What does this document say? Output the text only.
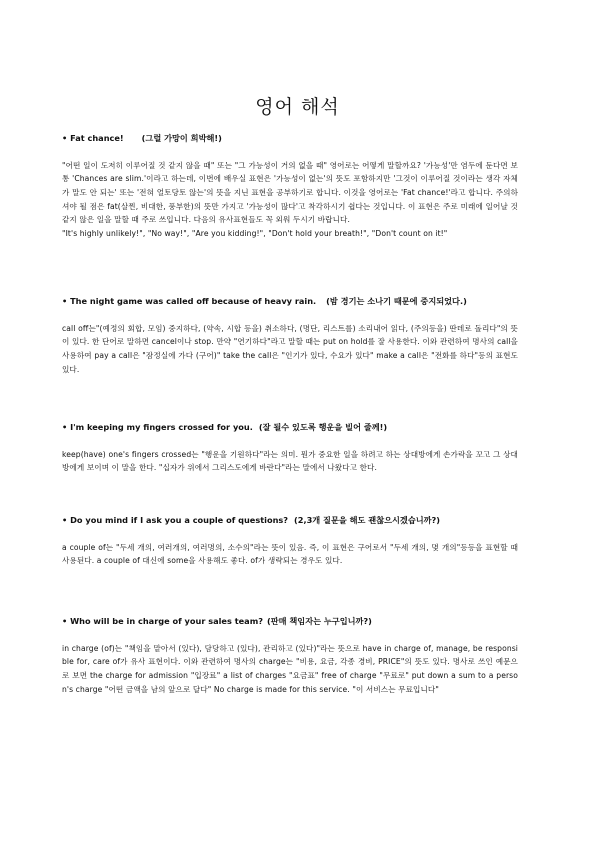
영어 해석
• Fat chance! (그럴 가망이 희박해!)

"어떤 일이 도저히 이루어질 것 같지 않을 때" 또는 "그 가능성이 거의 없을 때" 영어로는 어떻게 말할까요? '가능성'만 염두에 둔다면 보통 'Chances are slim.'이라고 하는데, 이번에 배우실 표현은 '가능성이 없는'의 뜻도 포함하지만 '그것이 이루어질 것이라는 생각 자체가 말도 안 되는' 또는 '전혀 얼토당토 않는'의 뜻을 지닌 표현을 공부하기로 합니다. 이것을 영어로는 'Fat chance!'라고 합니다. 주의하셔야 될 점은 fat(살찐, 비대한, 풍부한)의 뜻만 가지고 '가능성이 많다'고 착각하시기 쉽다는 것입니다. 이 표현은 주로 미래에 일어날 것 같지 않은 일을 말할 때 주로 쓰입니다. 다음의 유사표현들도 꼭 외워 두시기 바랍니다.

"It's highly unlikely!", "No way!", "Are you kidding!", "Don't hold your breath!", "Don't count on it!"

• The night game was called off because of heavy rain. (밤 경기는 소나기 때문에 중지되었다.)

call off는"(예정의 회합, 모임) 중지하다, (약속, 시합 등을) 취소하다, (명단, 리스트를) 소리내어 읽다, (주의등을) 딴데로 돌리다"의 뜻이 있다. 한 단어로 말하면 cancel이나 stop. 만약 "연기하다"라고 말할 때는 put on hold를 잘 사용한다. 이와 관련하여 명사의 call을사용하여 pay a call은 "잠정실에 가다 (구어)" take the call은 "인기가 있다, 수요가 있다" make a call은 "전화를 하다"등의 표현도 있다.

• I'm keeping my fingers crossed for you. (잘 될수 있도록 행운을 빌어 줄께!)

keep(have) one's fingers crossed는 "행운을 기원하다"라는 의미. 뭔가 중요한 일을 하려고 하는 상대방에게 손가락을 꼬고 그 상대방에게 보이며 이 말을 한다. "십자가 위에서 그리스도에게 바란다"라는 말에서 나왔다고 한다.

• Do you mind if I ask you a couple of questions? (2,3개 질문을 해도 괜찮으시겠습니까?)

a couple of는 "두세 개의, 여러개의, 여러명의, 소수의"라는 뜻이 있음. 즉, 이 표현은 구어로서 "두세 개의, 몇 개의"등등을 표현할 때 사용된다. a couple of 대신에 some을 사용해도 좋다. of가 생략되는 경우도 있다.

• Who will be in charge of your sales team? (판매 책임자는 누구입니까?)

in charge (of)는 "책임을 맡아서 (있다), 담당하고 (있다), 관리하고 (있다)"라는 뜻으로 have in charge of, manage, be responsible for, care of가 유사 표현이다. 이와 관련하여 명사의 charge는 "비용, 요금, 각종 경비, PRICE"의 뜻도 있다. 명사로 쓰인 예문으로 보면 the charge for admission "입장료" a list of charges "요금표" free of charge "무료로" put down a sum to a person's charge "어떤 금액을 남의 앞으로 달다" No charge is made for this service. "이 서비스는 무료입니다"
